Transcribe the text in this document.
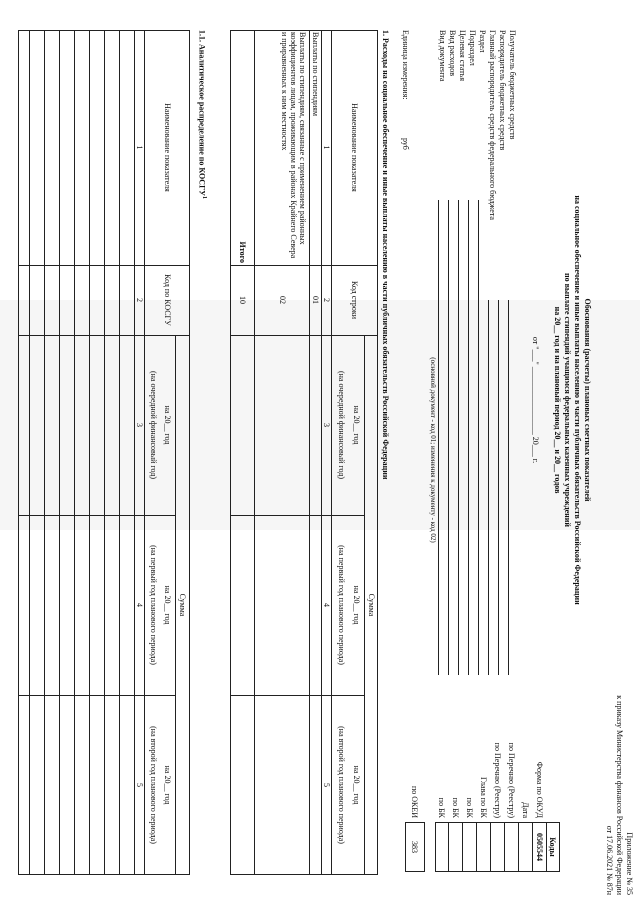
Приложение № 35
к приказу Министерства финансов Российской Федерации
от 17.06.2021 № 87н
Обоснования (расчеты) плановых сметных показателей
на социальное обеспечение и иные выплаты населению в части публичных обязательств Российской Федерации
по выплате стипендий учащимся федеральных казенных учреждений
на 20__ год и на плановый период 20__ и 20__ годов
от "___" _________________ 20___ г.
Коды
0505544
Форма по ОКУД
Дата
по Перечню (Реестру)
по Перечню (Реестру)
Глава по БК
по БК
по БК
по БК
по ОКЕИ
383
Получатель бюджетных средств
Распорядитель бюджетных средств
Главный распорядитель средств федерального бюджета
Раздел
Подраздел
Целевая статья
Вид расходов
Вид документа
(основной документ - код 01; изменения к документу - код 02)
Единица измерения:
руб
1. Расходы на социальное обеспечение и иные выплаты населению в части публичных обязательств Российской Федерации
Наименование показателя
Код строки
Сумма
на 20__ год
(на очередной финансовый год)
на 20__ год
(на первый год планового периода)
на 20__ год
(на второй год планового периода)
1
2
3
4
5
Выплаты по стипендиям
01
Выплаты по стипендиям, связанные с применением районных коэффициентов лицам, проживающим в районах Крайнего Севера и приравненных к ним местностях
02
Итого
10
1.1. Аналитическое распределение по КОСГУ$^1$
Наименование показателя
Код по КОСГУ
Сумма
на 20__ год
(на очередной финансовый год)
на 20__ год
(на первый год планового периода)
на 20__ год
(на второй год планового периода)
1
2
3
4
5
